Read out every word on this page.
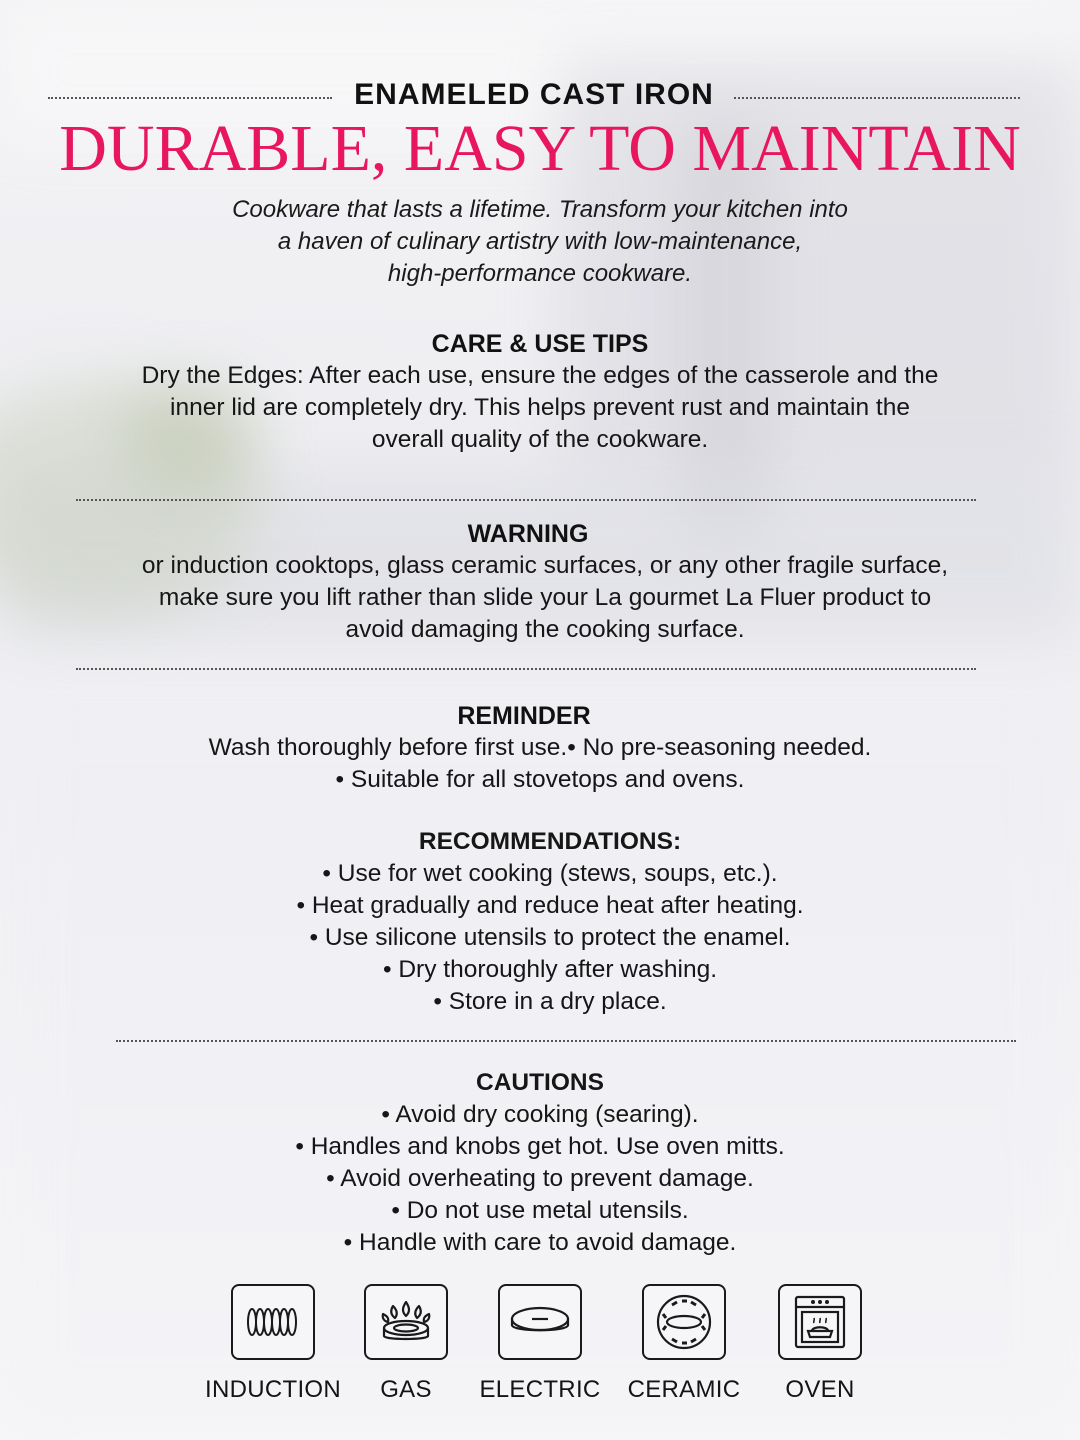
ENAMELED CAST IRON
DURABLE, EASY TO MAINTAIN
Cookware that lasts a lifetime. Transform your kitchen into
a haven of culinary artistry with low-maintenance,
high-performance cookware.
CARE & USE TIPS
Dry the Edges: After each use, ensure the edges of the casserole and the
inner lid are completely dry. This helps prevent rust and maintain the
overall quality of the cookware.
WARNING
or induction cooktops, glass ceramic surfaces, or any other fragile surface,
make sure you lift rather than slide your La gourmet La Fluer product to
avoid damaging the cooking surface.
REMINDER
Wash thoroughly before first use.• No pre-seasoning needed.
• Suitable for all stovetops and ovens.
RECOMMENDATIONS:
• Use for wet cooking (stews, soups, etc.).
• Heat gradually and reduce heat after heating.
• Use silicone utensils to protect the enamel.
• Dry thoroughly after washing.
• Store in a dry place.
CAUTIONS
• Avoid dry cooking (searing).
• Handles and knobs get hot. Use oven mitts.
• Avoid overheating to prevent damage.
• Do not use metal utensils.
• Handle with care to avoid damage.
INDUCTION	GAS	ELECTRIC	CERAMIC	OVEN
